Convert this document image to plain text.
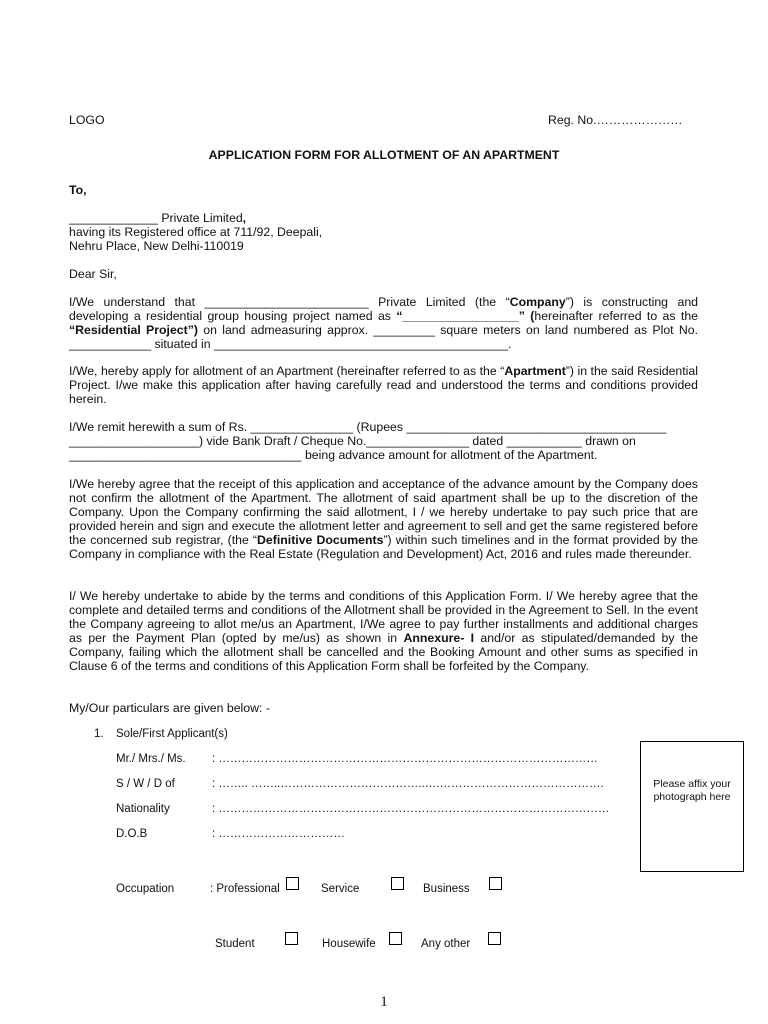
LOGO	Reg. No.…………………
APPLICATION FORM FOR ALLOTMENT OF AN APARTMENT
To,
_____________ Private Limited,
having its Registered office at 711/92, Deepali,
Nehru Place, New Delhi-110019
Dear Sir,
I/We understand that ________________________ Private Limited (the “Company”) is constructing and developing a residential group housing project named as “_________________” (hereinafter referred to as the “Residential Project”) on land admeasuring approx. _________ square meters on land numbered as Plot No. ____________ situated in ___________________________________________.
I/We, hereby apply for allotment of an Apartment (hereinafter referred to as the “Apartment”) in the said Residential Project. I/we make this application after having carefully read and understood the terms and conditions provided herein.
I/We remit herewith a sum of Rs. _______________ (Rupees ______________________________________
___________________) vide Bank Draft / Cheque No._______________ dated ___________ drawn on
__________________________________ being advance amount for allotment of the Apartment.
I/We hereby agree that the receipt of this application and acceptance of the advance amount by the Company does not confirm the allotment of the Apartment. The allotment of said apartment shall be up to the discretion of the Company. Upon the Company confirming the said allotment, I / we hereby undertake to pay such price that are provided herein and sign and execute the allotment letter and agreement to sell and get the same registered before the concerned sub registrar, (the “Definitive Documents”) within such timelines and in the format provided by the Company in compliance with the Real Estate (Regulation and Development) Act, 2016 and rules made thereunder.
I/ We hereby undertake to abide by the terms and conditions of this Application Form. I/ We hereby agree that the complete and detailed terms and conditions of the Allotment shall be provided in the Agreement to Sell. In the event the Company agreeing to allot me/us an Apartment, I/We agree to pay further installments and additional charges as per the Payment Plan (opted by me/us) as shown in Annexure- I and/or as stipulated/demanded by the Company, failing which the allotment shall be cancelled and the Booking Amount and other sums as specified in Clause 6 of the terms and conditions of this Application Form shall be forfeited by the Company.
My/Our particulars are given below: -
1. Sole/First Applicant(s)
Mr./ Mrs./ Ms. : ………………………………………………………………………………………
S / W / D of	: …….. ……..………………………………..….…………………………………….
Nationality	: …………………………………………………………………………………………
D.O.B	: ……………………………
Please affix your photograph here
Occupation	: Professional	Service	Business
Student	Housewife	Any other
1
